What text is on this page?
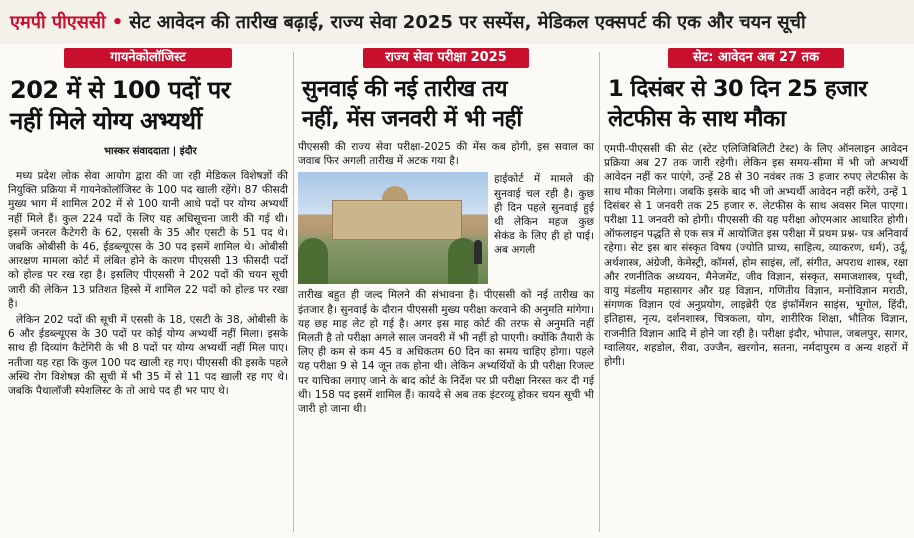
एमपी पीएससी • सेट आवेदन की तारीख बढ़ाई, राज्य सेवा 2025 पर सस्पेंस, मेडिकल एक्सपर्ट की एक और चयन सूची
गायनेकोलॉजिस्ट
202 में से 100 पदों पर
नहीं मिले योग्य अभ्यर्थी
भास्कर संवाददाता | इंदौर

मध्य प्रदेश लोक सेवा आयोग द्वारा की जा रही मेडिकल विशेषज्ञों की नियुक्ति प्रक्रिया में गायनेकोलॉजिस्ट के 100 पद खाली रहेंगे। 87 फीसदी मुख्य भाग में शामिल 202 में से 100 यानी आधे पदों पर योग्य अभ्यर्थी नहीं मिले हैं। कुल 224 पदों के लिए यह अधिसूचना जारी की गई थी। इसमें जनरल कैटेगरी के 62, एससी के 35 और एसटी के 51 पद थे। जबकि ओबीसी के 46, ईडब्ल्यूएस के 30 पद इसमें शामिल थे। ओबीसी आरक्षण मामला कोर्ट में लंबित होने के कारण पीएससी 13 फीसदी पदों को होल्ड पर रख रहा है। इसलिए पीएससी ने 202 पदों की चयन सूची जारी की लेकिन 13 प्रतिशत हिस्से में शामिल 22 पदों को होल्ड पर रखा है।

लेकिन 202 पदों की सूची में एससी के 18, एसटी के 38, ओबीसी के 6 और ईडब्ल्यूएस के 30 पदों पर कोई योग्य अभ्यर्थी नहीं मिला। इसके साथ ही दिव्यांग कैटेगिरी के भी 8 पदों पर योग्य अभ्यर्थी नहीं मिल पाए। नतीजा यह रहा कि कुल 100 पद खाली रह गए। पीएससी की इसके पहले अस्थि रोग विशेषज्ञ की सूची में भी 35 में से 11 पद खाली रह गए थे। जबकि पैथालॉजी स्पेशलिस्ट के तो आधे पद ही भर पाए थे।

राज्य सेवा परीक्षा 2025
सुनवाई की नई तारीख तय
नहीं, मेंस जनवरी में भी नहीं
पीएससी की राज्य सेवा परीक्षा-2025 की मेंस कब होगी, इस सवाल का जवाब फिर अगली तारीख में अटक गया है।
हाईकोर्ट में मामले की सुनवाई चल रही है। कुछ ही दिन पहले सुनवाई हुई थी लेकिन महज कुछ सेकंड के लिए ही हो पाई। अब अगली
तारीख बहुत ही जल्द मिलने की संभावना है। पीएससी को नई तारीख का इंतजार है। सुनवाई के दौरान पीएससी मुख्य परीक्षा करवाने की अनुमति मांगेगा। यह छह माह लेट हो गई है। अगर इस माह कोर्ट की तरफ से अनुमति नहीं मिलती है तो परीक्षा अगले साल जनवरी में भी नहीं हो पाएगी। क्योंकि तैयारी के लिए ही कम से कम 45 व अधिकतम 60 दिन का समय चाहिए होगा। पहले यह परीक्षा 9 से 14 जून तक होना थी। लेकिन अभ्यर्थियों के प्री परीक्षा रिजल्ट पर याचिका लगाए जाने के बाद कोर्ट के निर्देश पर प्री परीक्षा निरस्त कर दी गई थी। 158 पद इसमें शामिल हैं। कायदे से अब तक इंटरव्यू होकर चयन सूची भी जारी हो जाना थी।
सेट: आवेदन अब 27 तक
1 दिसंबर से 30 दिन 25 हजार
लेटफीस के साथ मौका
एमपी-पीएससी की सेट (स्टेट एलिजिबिलिटी टेस्ट) के लिए ऑनलाइन आवेदन प्रक्रिया अब 27 तक जारी रहेगी। लेकिन इस समय-सीमा में भी जो अभ्यर्थी आवेदन नहीं कर पाएंगे, उन्हें 28 से 30 नवंबर तक 3 हजार रुपए लेटफीस के साथ मौका मिलेगा। जबकि इसके बाद भी जो अभ्यर्थी आवेदन नहीं करेंगे, उन्हें 1 दिसंबर से 1 जनवरी तक 25 हजार रु. लेटफीस के साथ अवसर मिल पाएगा। परीक्षा 11 जनवरी को होगी। पीएससी की यह परीक्षा ओएमआर आधारित होगी। ऑफलाइन पद्धति से एक सत्र में आयोजित इस परीक्षा में प्रथम प्रश्न- पत्र अनिवार्य रहेगा। सेट इस बार संस्कृत विषय (ज्योति प्राच्य, साहित्य, व्याकरण, धर्म), उर्दू, अर्थशास्त्र, अंग्रेजी, केमेस्ट्री, कॉमर्स, होम साइंस, लॉ, संगीत, अपराध शास्त्र, रक्षा और रणनीतिक अध्ययन, मैनेजमेंट, जीव विज्ञान, संस्कृत, समाजशास्त्र, पृथ्वी, वायु मंडलीय महासागर और ग्रह विज्ञान, गणितीय विज्ञान, मनोविज्ञान मराठी, संगणक विज्ञान एवं अनुप्रयोग, लाइब्रेरी एंड इंफॉर्मेशन साइंस, भूगोल, हिंदी, इतिहास, नृत्य, दर्शनशास्त्र, चित्रकला, योग, शारीरिक शिक्षा, भौतिक विज्ञान, राजनीति विज्ञान आदि में होने जा रही है। परीक्षा इंदौर, भोपाल, जबलपुर, सागर, ग्वालियर, शहडोल, रीवा, उज्जैन, खरगोन, सतना, नर्मदापुरम व अन्य शहरों में होगी।
